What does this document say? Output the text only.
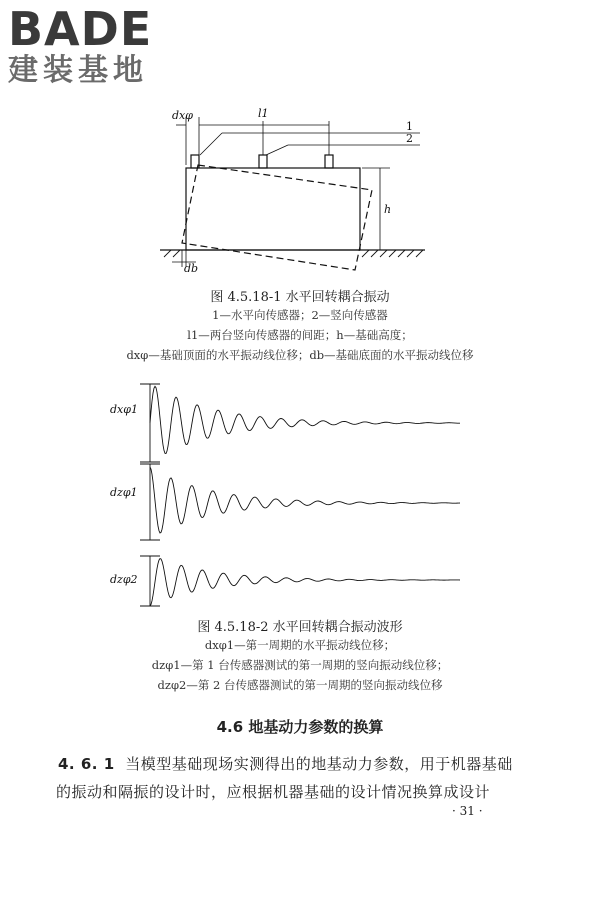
BADE
建装基地
dxφ	l1
h
db
1
2
图 4.5.18-1 水平回转耦合振动
1—水平向传感器；2—竖向传感器
l1—两台竖向传感器的间距；h—基础高度；
dxφ—基础顶面的水平振动线位移；db—基础底面的水平振动线位移
dxφ1
dzφ1
dzφ2
图 4.5.18-2 水平回转耦合振动波形
dxφ1—第一周期的水平振动线位移；
dzφ1—第 1 台传感器测试的第一周期的竖向振动线位移；
dzφ2—第 2 台传感器测试的第一周期的竖向振动线位移
4.6 地基动力参数的换算
4. 6. 1 当模型基础现场实测得出的地基动力参数，用于机器基础
的振动和隔振的设计时，应根据机器基础的设计情况换算成设计
· 31 ·
